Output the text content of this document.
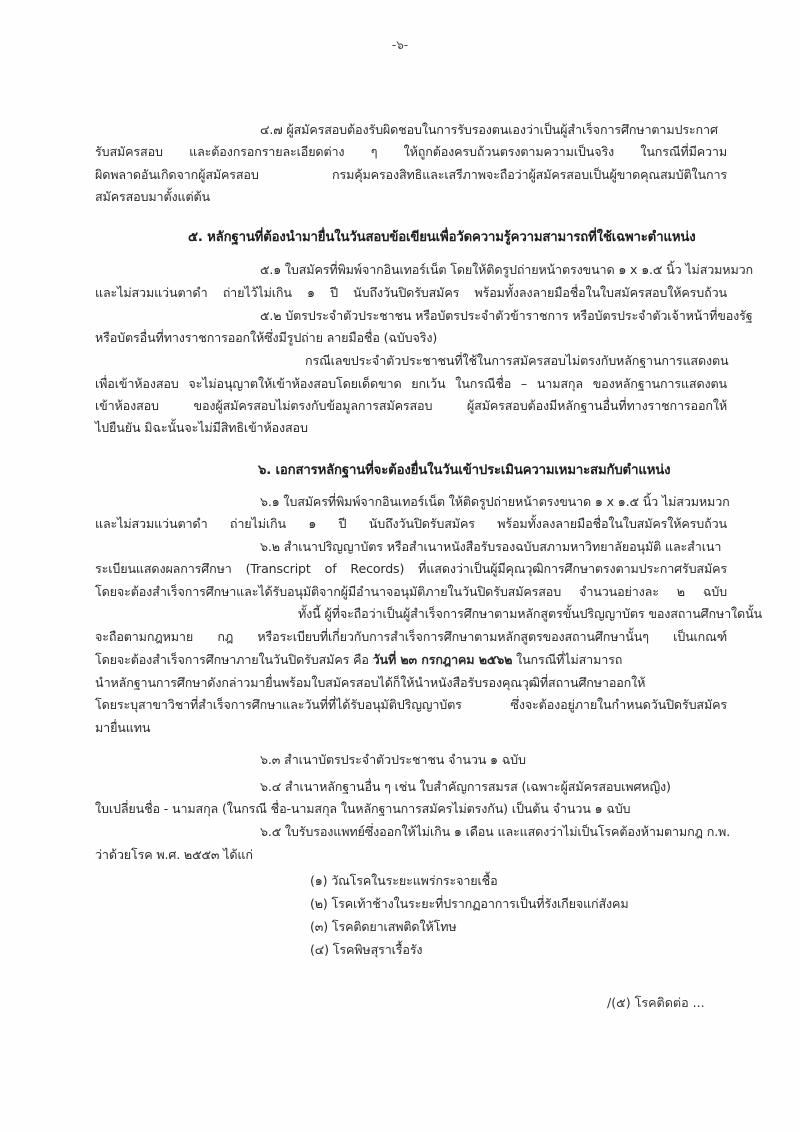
-๖-
๔.๗ ผู้สมัครสอบต้องรับผิดชอบในการรับรองตนเองว่าเป็นผู้สำเร็จการศึกษาตามประกาศ
รับสมัครสอบ และต้องกรอกรายละเอียดต่าง ๆ ให้ถูกต้องครบถ้วนตรงตามความเป็นจริง ในกรณีที่มีความ
ผิดพลาดอันเกิดจากผู้สมัครสอบ กรมคุ้มครองสิทธิและเสรีภาพจะถือว่าผู้สมัครสอบเป็นผู้ขาดคุณสมบัติในการ
สมัครสอบมาตั้งแต่ต้น
๕. หลักฐานที่ต้องนำมายื่นในวันสอบข้อเขียนเพื่อวัดความรู้ความสามารถที่ใช้เฉพาะตำแหน่ง
๕.๑ ใบสมัครที่พิมพ์จากอินเทอร์เน็ต โดยให้ติดรูปถ่ายหน้าตรงขนาด ๑ x ๑.๕ นิ้ว ไม่สวมหมวก
และไม่สวมแว่นตาดำ ถ่ายไว้ไม่เกิน ๑ ปี นับถึงวันปิดรับสมัคร พร้อมทั้งลงลายมือชื่อในใบสมัครสอบให้ครบถ้วน
๕.๒ บัตรประจำตัวประชาชน หรือบัตรประจำตัวข้าราชการ หรือบัตรประจำตัวเจ้าหน้าที่ของรัฐ
หรือบัตรอื่นที่ทางราชการออกให้ซึ่งมีรูปถ่าย ลายมือชื่อ (ฉบับจริง)
กรณีเลขประจำตัวประชาชนที่ใช้ในการสมัครสอบไม่ตรงกับหลักฐานการแสดงตน
เพื่อเข้าห้องสอบ จะไม่อนุญาตให้เข้าห้องสอบโดยเด็ดขาด ยกเว้น ในกรณีชื่อ – นามสกุล ของหลักฐานการแสดงตน
เข้าห้องสอบ ของผู้สมัครสอบไม่ตรงกับข้อมูลการสมัครสอบ ผู้สมัครสอบต้องมีหลักฐานอื่นที่ทางราชการออกให้
ไปยืนยัน มิฉะนั้นจะไม่มีสิทธิเข้าห้องสอบ
๖. เอกสารหลักฐานที่จะต้องยื่นในวันเข้าประเมินความเหมาะสมกับตำแหน่ง
๖.๑ ใบสมัครที่พิมพ์จากอินเทอร์เน็ต ให้ติดรูปถ่ายหน้าตรงขนาด ๑ x ๑.๕ นิ้ว ไม่สวมหมวก
และไม่สวมแว่นตาดำ ถ่ายไม่เกิน ๑ ปี นับถึงวันปิดรับสมัคร พร้อมทั้งลงลายมือชื่อในใบสมัครให้ครบถ้วน
๖.๒ สำเนาปริญญาบัตร หรือสำเนาหนังสือรับรองฉบับสภามหาวิทยาลัยอนุมัติ และสำเนา
ระเบียนแสดงผลการศึกษา (Transcript of Records) ที่แสดงว่าเป็นผู้มีคุณวุฒิการศึกษาตรงตามประกาศรับสมัคร
โดยจะต้องสำเร็จการศึกษาและได้รับอนุมัติจากผู้มีอำนาจอนุมัติภายในวันปิดรับสมัครสอบ จำนวนอย่างละ ๒ ฉบับ
ทั้งนี้ ผู้ที่จะถือว่าเป็นผู้สำเร็จการศึกษาตามหลักสูตรขั้นปริญญาบัตร ของสถานศึกษาใดนั้น
จะถือตามกฎหมาย กฎ หรือระเบียบที่เกี่ยวกับการสำเร็จการศึกษาตามหลักสูตรของสถานศึกษานั้นๆ เป็นเกณฑ์
โดยจะต้องสำเร็จการศึกษาภายในวันปิดรับสมัคร คือ วันที่ ๒๓ กรกฎาคม ๒๕๖๒ ในกรณีที่ไม่สามารถ
นำหลักฐานการศึกษาดังกล่าวมายื่นพร้อมใบสมัครสอบได้ก็ให้นำหนังสือรับรองคุณวุฒิที่สถานศึกษาออกให้
โดยระบุสาขาวิชาที่สำเร็จการศึกษาและวันที่ที่ได้รับอนุมัติปริญญาบัตร ซึ่งจะต้องอยู่ภายในกำหนดวันปิดรับสมัคร
มายื่นแทน
๖.๓ สำเนาบัตรประจำตัวประชาชน จำนวน ๑ ฉบับ
๖.๔ สำเนาหลักฐานอื่น ๆ เช่น ใบสำคัญการสมรส (เฉพาะผู้สมัครสอบเพศหญิง)
ใบเปลี่ยนชื่อ - นามสกุล (ในกรณี ชื่อ-นามสกุล ในหลักฐานการสมัครไม่ตรงกัน) เป็นต้น จำนวน ๑ ฉบับ
๖.๕ ใบรับรองแพทย์ซึ่งออกให้ไม่เกิน ๑ เดือน และแสดงว่าไม่เป็นโรคต้องห้ามตามกฎ ก.พ.
ว่าด้วยโรค พ.ศ. ๒๕๕๓ ได้แก่
(๑) วัณโรคในระยะแพร่กระจายเชื้อ
(๒) โรคเท้าช้างในระยะที่ปรากฏอาการเป็นที่รังเกียจแก่สังคม
(๓) โรคติดยาเสพติดให้โทษ
(๔) โรคพิษสุราเรื้อรัง
/(๕) โรคติดต่อ ...
